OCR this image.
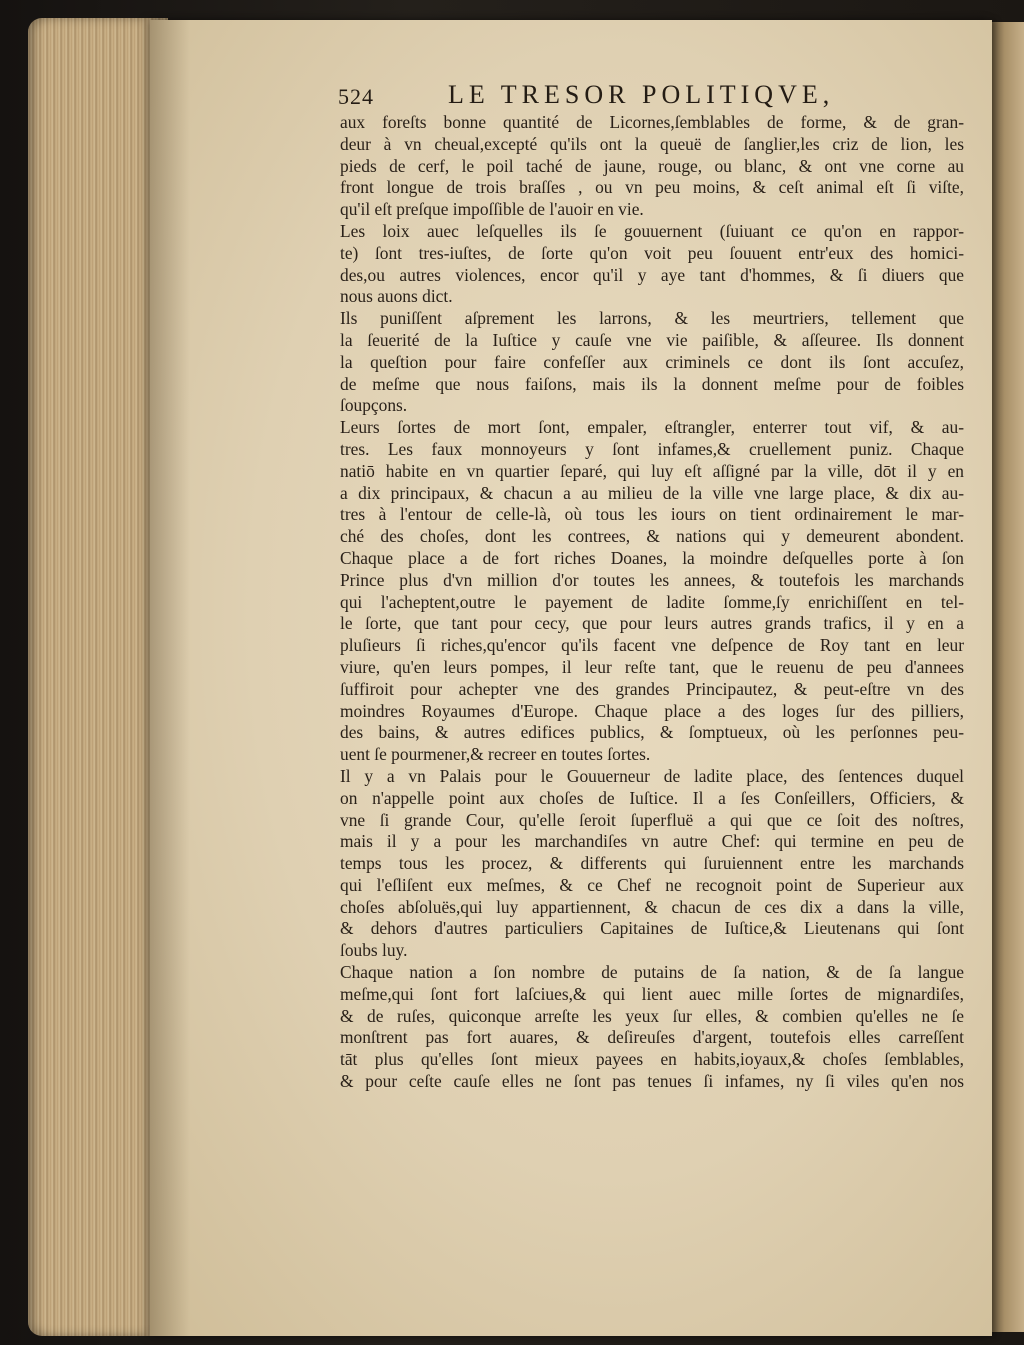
524	LE TRESOR POLITIQVE,
aux foreſts bonne quantité de Licornes,ſemblables de forme, & de gran-
deur à vn cheual,excepté qu'ils ont la queuë de ſanglier,les criz de lion, les
pieds de cerf, le poil taché de jaune, rouge, ou blanc, & ont vne corne au
front longue de trois braſſes , ou vn peu moins, & ceſt animal eſt ſi viſte,
qu'il eſt preſque impoſſible de l'auoir en vie.
Les loix auec leſquelles ils ſe gouuernent (ſuiuant ce qu'on en rappor-
te) ſont tres-iuſtes, de ſorte qu'on voit peu ſouuent entr'eux des homici-
des,ou autres violences, encor qu'il y aye tant d'hommes, & ſi diuers que
nous auons dict.
Ils puniſſent aſprement les larrons, & les meurtriers, tellement que
la ſeuerité de la Iuſtice y cauſe vne vie paiſible, & aſſeuree. Ils donnent
la queſtion pour faire confeſſer aux criminels ce dont ils ſont accuſez,
de meſme que nous faiſons, mais ils la donnent meſme pour de foibles
ſoupçons.
Leurs ſortes de mort ſont, empaler, eſtrangler, enterrer tout vif, & au-
tres. Les faux monnoyeurs y ſont infames,& cruellement puniz. Chaque
natiō habite en vn quartier ſeparé, qui luy eſt aſſigné par la ville, dōt il y en
a dix principaux, & chacun a au milieu de la ville vne large place, & dix au-
tres à l'entour de celle-là, où tous les iours on tient ordinairement le mar-
ché des choſes, dont les contrees, & nations qui y demeurent abondent.
Chaque place a de fort riches Doanes, la moindre deſquelles porte à ſon
Prince plus d'vn million d'or toutes les annees, & toutefois les marchands
qui l'acheptent,outre le payement de ladite ſomme,ſy enrichiſſent en tel-
le ſorte, que tant pour cecy, que pour leurs autres grands trafics, il y en a
pluſieurs ſi riches,qu'encor qu'ils facent vne deſpence de Roy tant en leur
viure, qu'en leurs pompes, il leur reſte tant, que le reuenu de peu d'annees
ſuffiroit pour achepter vne des grandes Principautez, & peut-eſtre vn des
moindres Royaumes d'Europe. Chaque place a des loges ſur des pilliers,
des bains, & autres edifices publics, & ſomptueux, où les perſonnes peu-
uent ſe pourmener,& recreer en toutes ſortes.
Il y a vn Palais pour le Gouuerneur de ladite place, des ſentences duquel
on n'appelle point aux choſes de Iuſtice. Il a ſes Conſeillers, Officiers, &
vne ſi grande Cour, qu'elle ſeroit ſuperfluë a qui que ce ſoit des noſtres,
mais il y a pour les marchandiſes vn autre Chef: qui termine en peu de
temps tous les procez, & differents qui ſuruiennent entre les marchands
qui l'eſliſent eux meſmes, & ce Chef ne recognoit point de Superieur aux
choſes abſoluës,qui luy appartiennent, & chacun de ces dix a dans la ville,
& dehors d'autres particuliers Capitaines de Iuſtice,& Lieutenans qui ſont
ſoubs luy.
Chaque nation a ſon nombre de putains de ſa nation, & de ſa langue
meſme,qui ſont fort laſciues,& qui lient auec mille ſortes de mignardiſes,
& de ruſes, quiconque arreſte les yeux ſur elles, & combien qu'elles ne ſe
monſtrent pas fort auares, & deſireuſes d'argent, toutefois elles carreſſent
tāt plus qu'elles ſont mieux payees en habits,ioyaux,& choſes ſemblables,
& pour ceſte cauſe elles ne ſont pas tenues ſi infames, ny ſi viles qu'en nos
